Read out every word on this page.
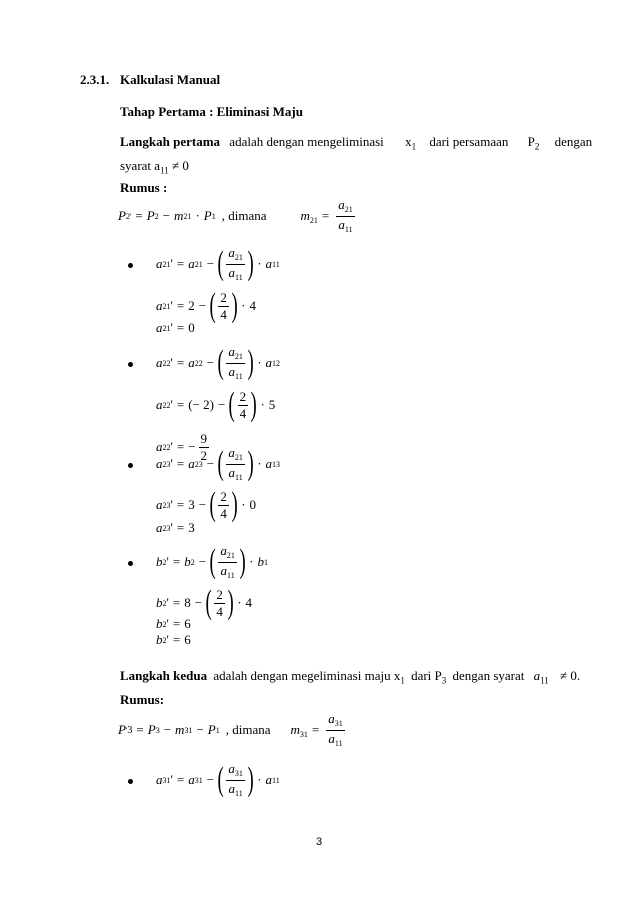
2.3.1. Kalkulasi Manual
Tahap Pertama : Eliminasi Maju
Langkah pertama adalah dengan mengeliminasi $x_1$ dari persamaan $P_2$ dengan
syarat $a_{11} \ne 0$
Rumus :
P 2 ' = P 2 − m 21 · P 1 , dimana	$m_{21} = \frac{a_{21}}{a_{11}}$
a 21 ' = a 21 − ( $\frac{a_{21}}{a_{11}}$ ) · a 11
a 21 ' = 2 − ( $\frac{2}{4}$ ) · 4
a 21 ' = 0
a 22 ' = a 22 − ( $\frac{a_{21}}{a_{11}}$ ) · a 12
a 22 ' = (− 2) − ( $\frac{2}{4}$ ) · 5
a 22 ' = − $\frac{9}{2}$
a 23 ' = a 23 − ( $\frac{a_{21}}{a_{11}}$ ) · a 13
a 23 ' = 3 − ( $\frac{2}{4}$ ) · 0
a 23 ' = 3
b 2 ' = b 2 − ( $\frac{a_{21}}{a_{11}}$ ) · b 1
b 2 ' = 8 − ( $\frac{2}{4}$ ) · 4
b 2 ' = 6
b 2 ' = 6
Langkah kedua adalah dengan megeliminasi maju $x_1$ dari $P_3$ dengan syarat $a_{11} \ne 0$.
Rumus:
P ' 3 = P 3 − m 31 − P 1 , dimana $m_{31} = \frac{a_{31}}{a_{11}}$
a 31 ' = a 31 − ( $\frac{a_{31}}{a_{11}}$ ) · a 11
3
